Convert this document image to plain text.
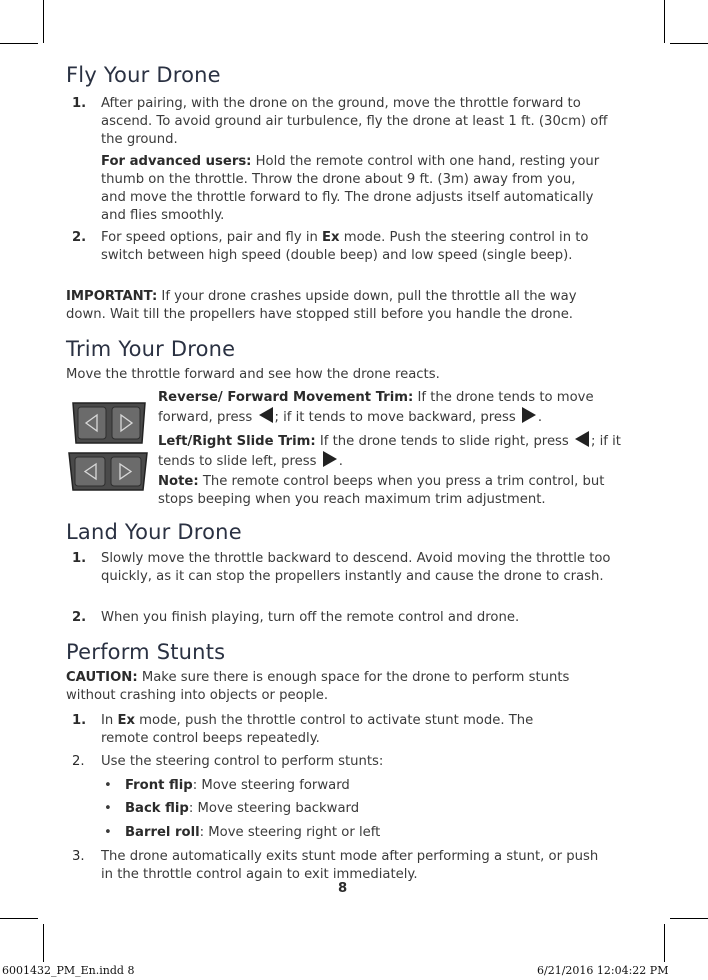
Fly Your Drone
1. After pairing, with the drone on the ground, move the throttle forward to ascend. To avoid ground air turbulence, fly the drone at least 1 ft. (30cm) off the ground.

For advanced users: Hold the remote control with one hand, resting your thumb on the throttle. Throw the drone about 9 ft. (3m) away from you, and move the throttle forward to fly. The drone adjusts itself automatically and flies smoothly.

2. For speed options, pair and fly in Ex mode. Push the steering control in to switch between high speed (double beep) and low speed (single beep).

IMPORTANT: If your drone crashes upside down, pull the throttle all the way down. Wait till the propellers have stopped still before you handle the drone.

Trim Your Drone

Move the throttle forward and see how the drone reacts.

Reverse/ Forward Movement Trim: If the drone tends to move forward, press ; if it tends to move backward, press .

Left/Right Slide Trim: If the drone tends to slide right, press ; if it tends to slide left, press .

Note: The remote control beeps when you press a trim control, but stops beeping when you reach maximum trim adjustment.

Land Your Drone
1. Slowly move the throttle backward to descend. Avoid moving the throttle too quickly, as it can stop the propellers instantly and cause the drone to crash.

2. When you finish playing, turn off the remote control and drone.

Perform Stunts

CAUTION: Make sure there is enough space for the drone to perform stunts without crashing into objects or people.

1. In Ex mode, push the throttle control to activate stunt mode. The remote control beeps repeatedly.

2. Use the steering control to perform stunts:

• Front flip: Move steering forward

• Back flip: Move steering backward

• Barrel roll: Move steering right or left

3. The drone automatically exits stunt mode after performing a stunt, or push in the throttle control again to exit immediately.

8
6001432_PM_En.indd 8	6/21/2016 12:04:22 PM
